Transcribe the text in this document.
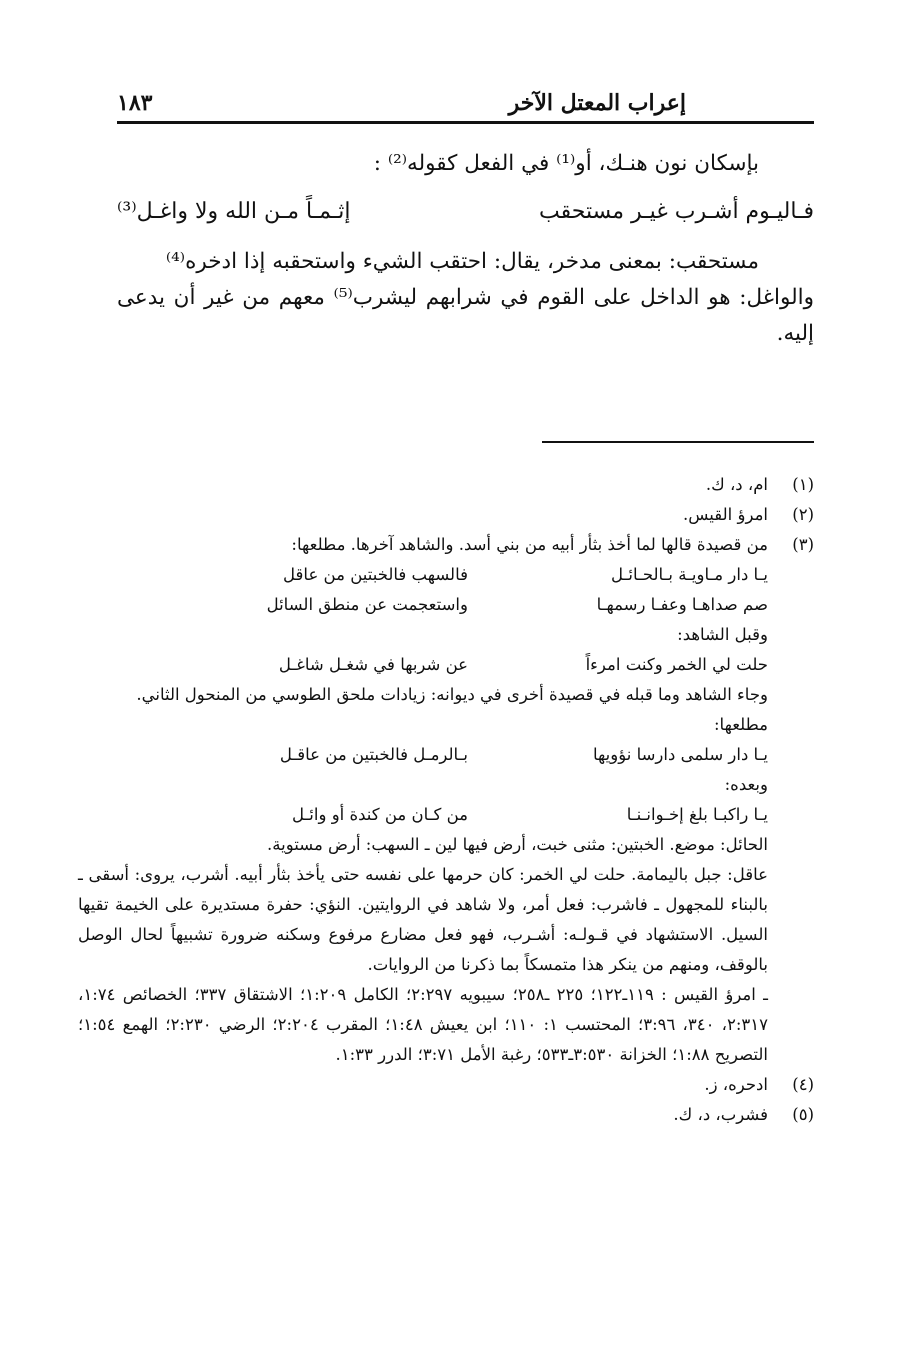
إعراب المعتل الآخر
١٨٣

بإسكان نون هنـك، أو⁽¹⁾ في الفعل كقوله⁽²⁾ :

فـاليـوم أشـرب غيـر مستحقب
إثـمـاً مـن الله ولا واغـل⁽³⁾

مستحقب: بمعنى مدخر، يقال: احتقب الشيء واستحقبه إذا ادخره⁽⁴⁾

والواغل: هو الداخل على القوم في شرابهم ليشرب⁽⁵⁾ معهم من غير أن يدعى إليه.

(١)
ام، د، ك.
(٢)
امرؤ القيس.
(٣)

من قصيدة قالها لما أخذ بثأر أبيه من بني أسد. والشاهد آخرها. مطلعها:

يـا دار مـاويـة بـالحـائـل
فالسهب فالخبتين من عاقل
صم صداهـا وعفـا رسمهـا
واستعجمت عن منطق السائل

وقبل الشاهد:

حلت لي الخمر وكنت امرءاً
عن شربها في شغـل شاغـل

وجاء الشاهد وما قبله في قصيدة أخرى في ديوانه: زيادات ملحق الطوسي من المنحول الثاني.

مطلعها:

يـا دار سلمى دارسا نؤويها
بـالرمـل فالخبتين من عاقـل

وبعده:

يـا راكبـا بلغ إخـوانـنـا
من كـان من كندة أو وائـل

الحائل: موضع. الخبتين: مثنى خبت، أرض فيها لين ـ السهب: أرض مستوية.

عاقل: جبل باليمامة. حلت لي الخمر: كان حرمها على نفسه حتى يأخذ بثأر أبيه. أشرب، يروى: أسقى ـ بالبناء للمجهول ـ فاشرب: فعل أمر، ولا شاهد في الروايتين. النؤي: حفرة مستديرة على الخيمة تقيها السيل. الاستشهاد في قـولـه: أشـرب، فهو فعل مضارع مرفوع وسكنه ضرورة تشبيهاً لحال الوصل بالوقف، ومنهم من ينكر هذا متمسكاً بما ذكرنا من الروايات.

ـ امرؤ القيس : ١١٩ـ١٢٢؛ ٢٢٥ ـ٢٥٨؛ سيبويه ٢:٢٩٧؛ الكامل ١:٢٠٩؛ الاشتقاق ٣٣٧؛ الخصائص ١:٧٤، ٢:٣١٧، ٣٤٠، ٣:٩٦؛ المحتسب ١: ١١٠؛ ابن يعيش ١:٤٨؛ المقرب ٢:٢٠٤؛ الرضي ٢:٢٣٠؛ الهمع ١:٥٤؛ التصريح ١:٨٨؛ الخزانة ٣:٥٣٠ـ٥٣٣؛ رغبة الأمل ٣:٧١؛ الدرر ١:٣٣.

(٤)
ادحره، ز.
(٥)
فشرب، د، ك.
